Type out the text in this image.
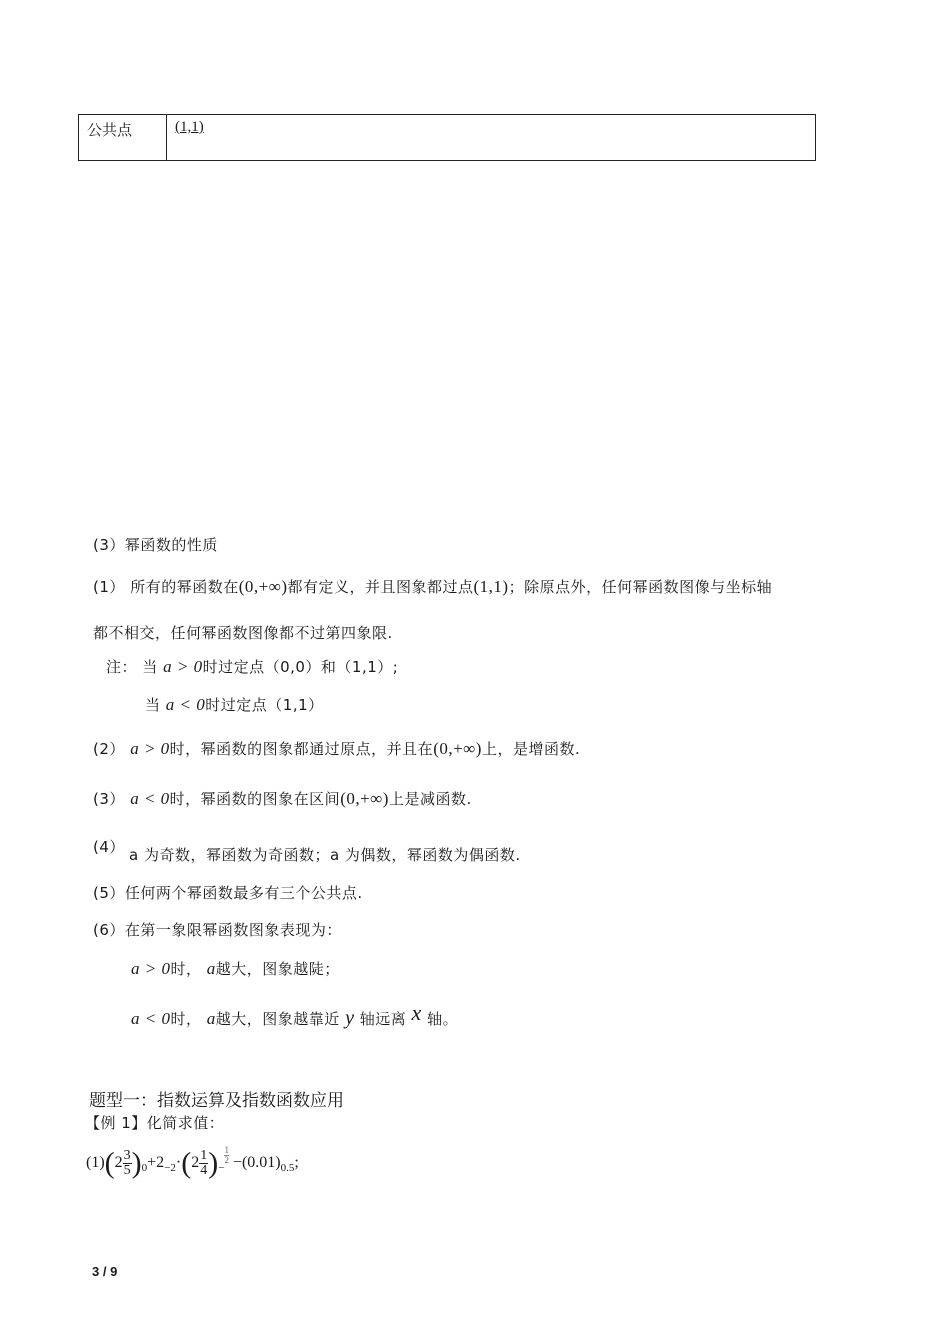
公共点	(1,1)
(3）幂函数的性质
(1） 所有的幂函数在(0,+∞)都有定义，并且图象都过点(1,1)；除原点外，任何幂函数图像与坐标轴
都不相交，任何幂函数图像都不过第四象限.
注： 当 a > 0时过定点（0,0）和（1,1）;
当 a < 0时过定点（1,1）
(2） a > 0时，幂函数的图象都通过原点，并且在(0,+∞)上，是增函数.
(3） a < 0时，幂函数的图象在区间(0,+∞)上是减函数.
(4） a 为奇数，幂函数为奇函数；a 为偶数，幂函数为偶函数.
(5）任何两个幂函数最多有三个公共点.
(6）在第一象限幂函数图象表现为：
a > 0时， a越大，图象越陡；
a < 0时， a越大，图象越靠近 y 轴远离 x 轴。
题型一：指数运算及指数函数应用
【例 1】化简求值：
$(1)(2 \frac{3}{5} )_0+2_{-2}\cdot(2 \frac{1}{4} )_-$
$\frac{1}{2} -(0.01)_{0.5}$;
3 / 9
